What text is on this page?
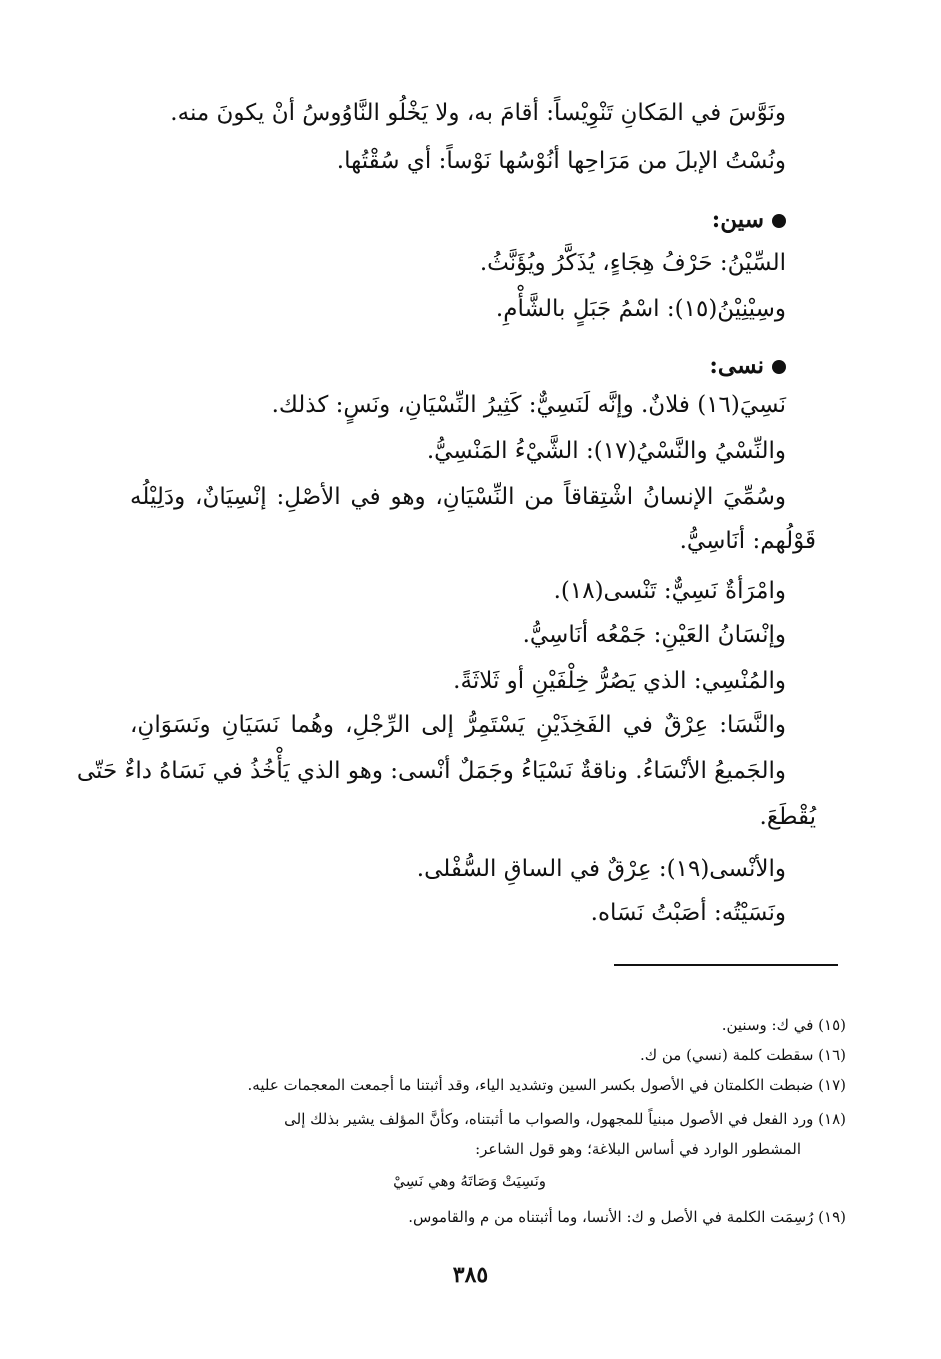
ونَوَّسَ في المَكانِ تَنْوِيْساً: أقامَ به، ولا يَخْلُو النَّاوُوسُ أنْ يكونَ منه.
ونُسْتُ الإبلَ من مَرَاحِها أنُوْسُها نَوْساً: أي سُقْتُها.
سين:
السِّيْنُ: حَرْفُ هِجَاءٍ، يُذَكَّرُ ويُؤَنَّثُ.
وسِيْنِيْنُ(١٥): اسْمُ جَبَلٍ بالشَّأْمِ.
نسى:
نَسِيَ(١٦) فلانٌ. وإنَّه لَنَسِيٌّ: كَثِيرُ النِّسْيَانِ، ونَسٍ: كذلك.
والنِّسْيُ والنَّسْيُ(١٧): الشَّيْءُ المَنْسِيُّ.
وسُمِّيَ الإنسانُ اشْتِقاقاً من النِّسْيَانِ، وهو في الأصْلِ: إنْسِيَانٌ، ودَلِيْلُه
قَوْلُهم: أنَاسِيُّ.
وامْرَأةٌ نَسِيٌّ: تَنْسى(١٨).
وإنْسَانُ العَيْنِ: جَمْعُه أنَاسِيُّ.
والمُنْسِي: الذي يَصُرُّ خِلْفَيْنِ أو ثَلاثَةً.
والنَّسَا: عِرْقٌ في الفَخِذَيْنِ يَسْتَمِرُّ إلى الرِّجْلِ، وهُما نَسَيَانِ ونَسَوَانِ،
والجَميعُ الأنْسَاءُ. وناقةٌ نَسْيَاءُ وجَمَلٌ أنْسى: وهو الذي يَأْخُذُ في نَسَاهُ داءٌ حَتّى
يُقْطَعَ.
والأنْسى(١٩): عِرْقٌ في الساقِ السُّفْلى.
ونَسَيْتُه: أصَبْتُ نَسَاه.
(١٥) في ك: وسنين.
(١٦) سقطت كلمة (نسي) من ك.
(١٧) ضبطت الكلمتان في الأصول بكسر السين وتشديد الياء، وقد أثبتنا ما أجمعت المعجمات عليه.
(١٨) ورد الفعل في الأصول مبنياً للمجهول، والصواب ما أثبتناه، وكأنَّ المؤلف يشير بذلك إلى
المشطور الوارد في أساس البلاغة؛ وهو قول الشاعر:
ونَسِيَتْ وَصَاتَهُ وهي نَسِيْ
(١٩) رُسِمَت الكلمة في الأصل و ك: الأنسا، وما أثبتناه من م والقاموس.
٣٨٥
